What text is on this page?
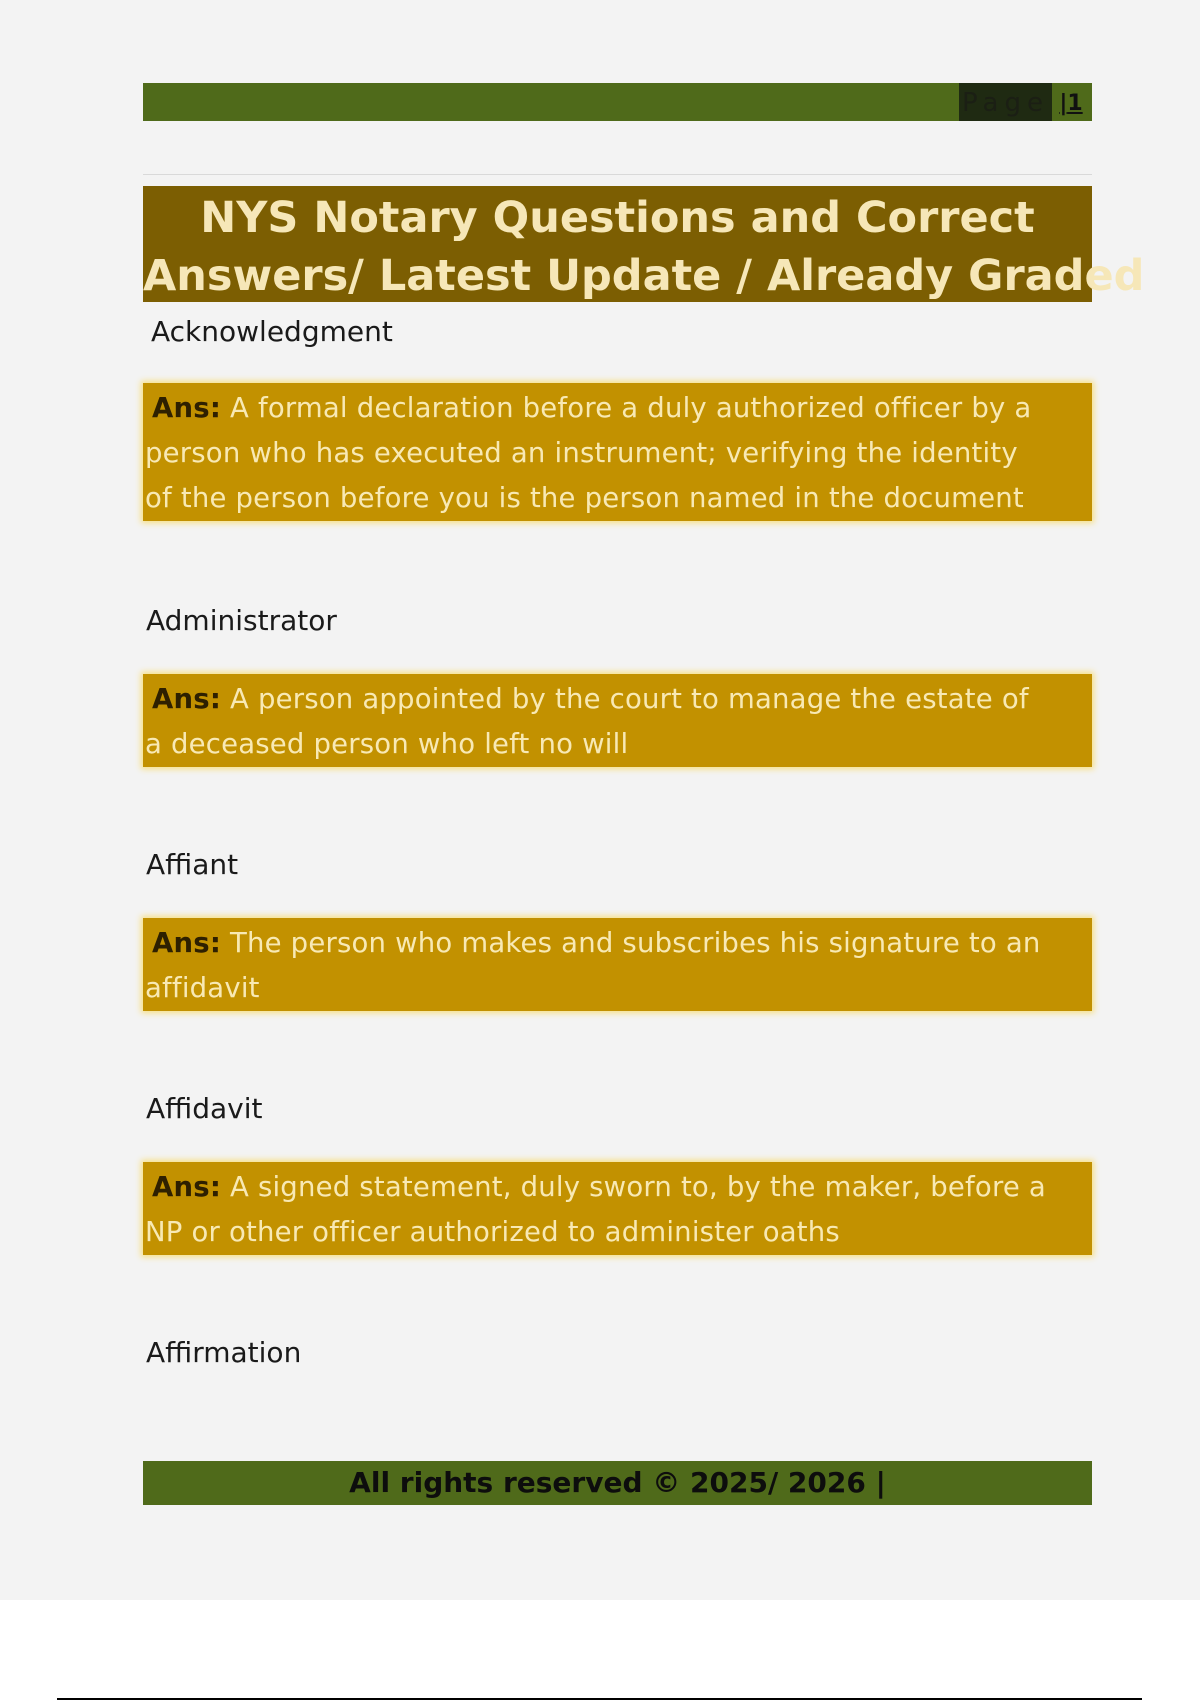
Page |1
NYS Notary Questions and Correct
Answers/ Latest Update / Already Graded
Acknowledgment
Ans: A formal declaration before a duly authorized officer by a
person who has executed an instrument; verifying the identity
of the person before you is the person named in the document
Administrator
Ans: A person appointed by the court to manage the estate of
a deceased person who left no will
Affiant
Ans: The person who makes and subscribes his signature to an
affidavit
Affidavit
Ans: A signed statement, duly sworn to, by the maker, before a
NP or other officer authorized to administer oaths
Affirmation
All rights reserved © 2025/ 2026 |
